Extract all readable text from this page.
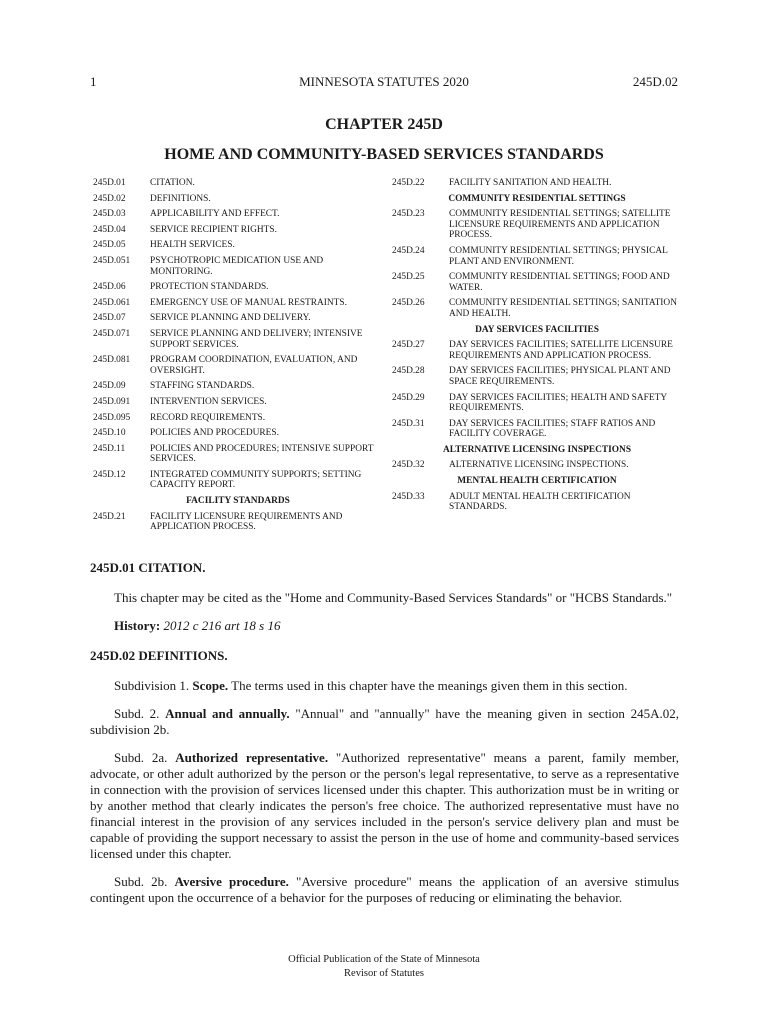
1	MINNESOTA STATUTES 2020	245D.02
CHAPTER 245D
HOME AND COMMUNITY-BASED SERVICES STANDARDS
245D.01	CITATION.
245D.02	DEFINITIONS.
245D.03	APPLICABILITY AND EFFECT.
245D.04	SERVICE RECIPIENT RIGHTS.
245D.05	HEALTH SERVICES.
245D.051	PSYCHOTROPIC MEDICATION USE AND MONITORING.
245D.06	PROTECTION STANDARDS.
245D.061	EMERGENCY USE OF MANUAL RESTRAINTS.
245D.07	SERVICE PLANNING AND DELIVERY.
245D.071	SERVICE PLANNING AND DELIVERY; INTENSIVE SUPPORT SERVICES.
245D.081	PROGRAM COORDINATION, EVALUATION, AND OVERSIGHT.
245D.09	STAFFING STANDARDS.
245D.091	INTERVENTION SERVICES.
245D.095	RECORD REQUIREMENTS.
245D.10	POLICIES AND PROCEDURES.
245D.11	POLICIES AND PROCEDURES; INTENSIVE SUPPORT SERVICES.
245D.12	INTEGRATED COMMUNITY SUPPORTS; SETTING CAPACITY REPORT.
FACILITY STANDARDS
245D.21	FACILITY LICENSURE REQUIREMENTS AND APPLICATION PROCESS.
245D.22	FACILITY SANITATION AND HEALTH.
COMMUNITY RESIDENTIAL SETTINGS
245D.23	COMMUNITY RESIDENTIAL SETTINGS; SATELLITE LICENSURE REQUIREMENTS AND APPLICATION PROCESS.
245D.24	COMMUNITY RESIDENTIAL SETTINGS; PHYSICAL PLANT AND ENVIRONMENT.
245D.25	COMMUNITY RESIDENTIAL SETTINGS; FOOD AND WATER.
245D.26	COMMUNITY RESIDENTIAL SETTINGS; SANITATION AND HEALTH.
DAY SERVICES FACILITIES
245D.27	DAY SERVICES FACILITIES; SATELLITE LICENSURE REQUIREMENTS AND APPLICATION PROCESS.
245D.28	DAY SERVICES FACILITIES; PHYSICAL PLANT AND SPACE REQUIREMENTS.
245D.29	DAY SERVICES FACILITIES; HEALTH AND SAFETY REQUIREMENTS.
245D.31	DAY SERVICES FACILITIES; STAFF RATIOS AND FACILITY COVERAGE.
ALTERNATIVE LICENSING INSPECTIONS
245D.32	ALTERNATIVE LICENSING INSPECTIONS.
MENTAL HEALTH CERTIFICATION
245D.33	ADULT MENTAL HEALTH CERTIFICATION STANDARDS.
245D.01 CITATION.
This chapter may be cited as the "Home and Community-Based Services Standards" or "HCBS Standards."
History: 2012 c 216 art 18 s 16
245D.02 DEFINITIONS.
Subdivision 1. Scope. The terms used in this chapter have the meanings given them in this section.
Subd. 2. Annual and annually. "Annual" and "annually" have the meaning given in section 245A.02, subdivision 2b.
Subd. 2a. Authorized representative. "Authorized representative" means a parent, family member, advocate, or other adult authorized by the person or the person's legal representative, to serve as a representative in connection with the provision of services licensed under this chapter. This authorization must be in writing or by another method that clearly indicates the person's free choice. The authorized representative must have no financial interest in the provision of any services included in the person's service delivery plan and must be capable of providing the support necessary to assist the person in the use of home and community-based services licensed under this chapter.
Subd. 2b. Aversive procedure. "Aversive procedure" means the application of an aversive stimulus contingent upon the occurrence of a behavior for the purposes of reducing or eliminating the behavior.
Official Publication of the State of Minnesota
Revisor of Statutes
